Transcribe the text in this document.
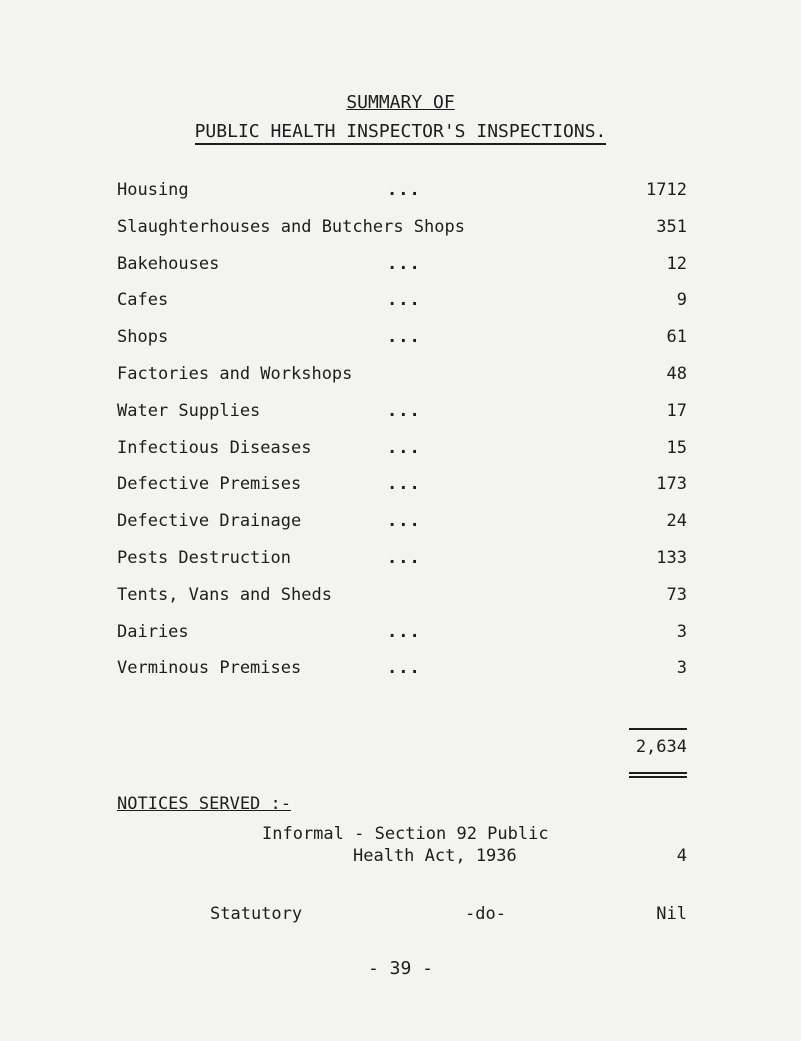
SUMMARY OF
PUBLIC HEALTH INSPECTOR'S INSPECTIONS.
Housing	...	1712
Slaughterhouses and Butchers Shops	351
Bakehouses	...	12
Cafes	...	9
Shops	...	61
Factories and Workshops	48
Water Supplies	...	17
Infectious Diseases	...	15
Defective Premises	...	173
Defective Drainage	...	24
Pests Destruction	...	133
Tents, Vans and Sheds	73
Dairies	...	3
Verminous Premises	...	3
2,634
NOTICES SERVED :-
Informal - Section 92 Public
Health Act, 1936	4
Statutory	-do-	Nil
- 39 -
